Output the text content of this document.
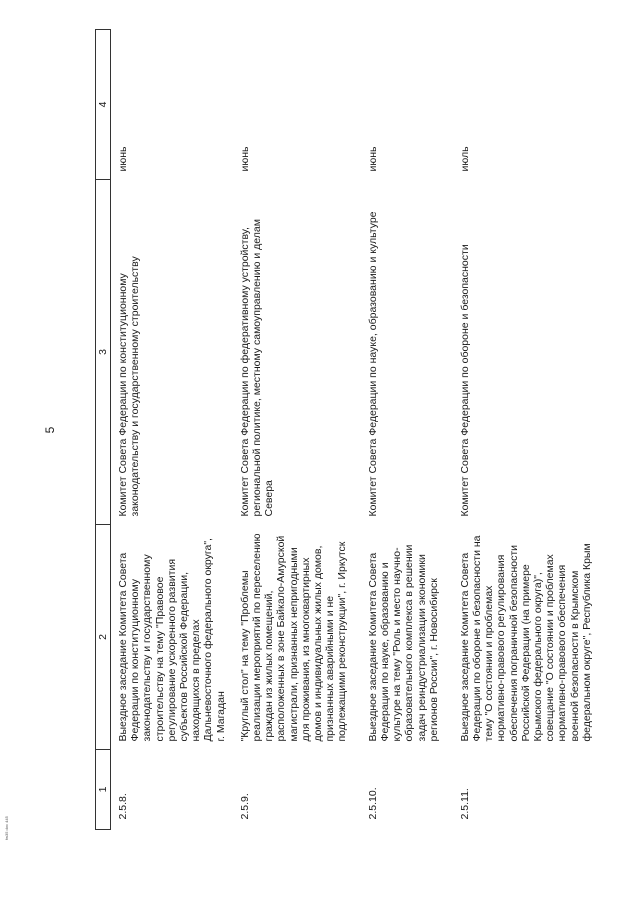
5
1	2	3	4
2.5.8.	Выездное заседание Комитета Совета Федерации по конституционному законодательству и государственному строительству на тему "Правовое регулирование ускоренного развития субъектов Российской Федерации, находящихся в пределах Дальневосточного федерального округа", г. Магадан	Комитет Совета Федерации по конституционному законодательству и государственному строительству	июнь
2.5.9.	"Круглый стол" на тему "Проблемы реализации мероприятий по переселению граждан из жилых помещений, расположенных в зоне Байкало-Амурской магистрали, признанных непригодными для проживания, из многоквартирных домов и индивидуальных жилых домов, признанных аварийными и не подлежащими реконструкции", г. Иркутск	Комитет Совета Федерации по федеративному устройству, региональной политике, местному самоуправлению и делам Севера	июнь
2.5.10.	Выездное заседание Комитета Совета Федерации по науке, образованию и культуре на тему "Роль и место научно-образовательного комплекса в решении задач реиндустриализации экономики регионов России", г. Новосибирск	Комитет Совета Федерации по науке, образованию и культуре	июнь
2.5.11.	Выездное заседание Комитета Совета Федерации по обороне и безопасности на тему "О состоянии и проблемах нормативно-правового регулирования обеспечения пограничной безопасности Российской Федерации (на примере Крымского федерального округа)", совещание "О состоянии и проблемах нормативно-правового обеспечения военной безопасности в Крымском федеральном округе", Республика Крым	Комитет Совета Федерации по обороне и безопасности	июль
fw35 doc 445
